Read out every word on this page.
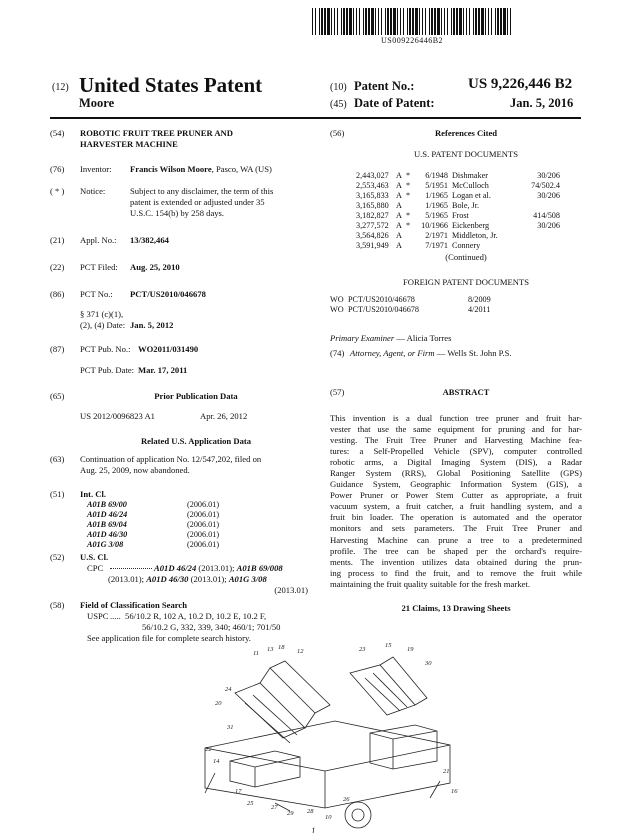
US009226446B2
(12) United States Patent
Moore
(10) Patent No.:	US 9,226,446 B2
(45) Date of Patent:	Jan. 5, 2016
(54) ROBOTIC FRUIT TREE PRUNER AND
HARVESTER MACHINE
(76) Inventor: Francis Wilson Moore, Pasco, WA (US)
( * ) Notice:	Subject to any disclaimer, the term of this
patent is extended or adjusted under 35
U.S.C. 154(b) by 258 days.
(21) Appl. No.: 13/382,464
(22) PCT Filed: Aug. 25, 2010
(86) PCT No.: PCT/US2010/046678
§ 371 (c)(1),
(2), (4) Date: Jan. 5, 2012
(87) PCT Pub. No.: WO2011/031490
PCT Pub. Date: Mar. 17, 2011
(65)	Prior Publication Data
US 2012/0096823 A1	Apr. 26, 2012
Related U.S. Application Data
(63) Continuation of application No. 12/547,202, filed on
Aug. 25, 2009, now abandoned.
(51) Int. Cl.
A01B 69/00	(2006.01)
A01D 46/24	(2006.01)
A01B 69/04	(2006.01)
A01D 46/30	(2006.01)
A01G 3/08	(2006.01)
(52) U.S. Cl.
CPC	A01D 46/24 (2013.01); A01B 69/008
(2013.01); A01D 46/30 (2013.01); A01G 3/08
(2013.01)
(58) Field of Classification Search
USPC .....  56/10.2 R, 102 A, 10.2 D, 10.2 E, 10.2 F,
56/10.2 G, 332, 339, 340; 460/1; 701/50
See application file for complete search history.
(56)	References Cited
U.S. PATENT DOCUMENTS
2,443,027	A	*	6/1948	Dishmaker	30/206
2,553,463	A	*	5/1951	McCulloch	74/502.4
3,165,833	A	*	1/1965	Logan et al.	30/206
3,165,880	A		1/1965	Bole, Jr.	
3,182,827	A	*	5/1965	Frost	414/508
3,277,572	A	*	10/1966	Eickenberg	30/206
3,564,826	A		2/1971	Middleton, Jr.	
3,591,949	A		7/1971	Connery	
(Continued)
FOREIGN PATENT DOCUMENTS
WO	PCT/US2010/46678	8/2009
WO	PCT/US2010/046678	4/2011
Primary Examiner — Alicia Torres
(74) Attorney, Agent, or Firm — Wells St. John P.S.
(57)	ABSTRACT
This invention is a dual function tree pruner and fruit har-
vester that use the same equipment for pruning and for har-
vesting. The Fruit Tree Pruner and Harvesting Machine fea-
tures: a Self-Propelled Vehicle (SPV), computer controlled
robotic arms, a Digital Imaging System (DIS), a Radar
Ranger System (RRS), Global Positioning Satellite (GPS)
Guidance System, Geographic Information System (GIS), a
Power Pruner or Power Stem Cutter as appropriate, a fruit
vacuum system, a fruit catcher, a fruit handling system, and a
fruit bin loader. The operation is automated and the operator
monitors and sets parameters. The Fruit Tree Pruner and
Harvesting Machine can prune a tree to a predetermined
profile. The tree can be shaped per the orchard's require-
ments. The invention utilizes data obtained during the prun-
ing process to find the fruit, and to remove the fruit while
maintaining the fruit quality suitable for the fresh market.
21 Claims, 13 Drawing Sheets
11
13 18
12
24
20
31
22
14
17
25
27
29 28
10
26
23
15
19
30
21
16
1
